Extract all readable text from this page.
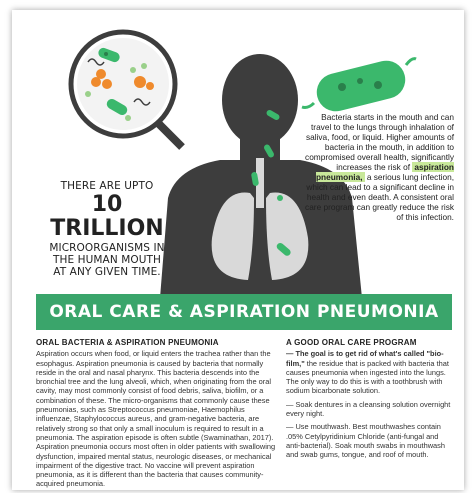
THERE ARE UPTO
10 TRILLION
MICROORGANISMS IN THE HUMAN MOUTH AT ANY GIVEN TIME.
Bacteria starts in the mouth and can travel to the lungs through inhalation of saliva, food, or liquid. Higher amounts of bacteria in the mouth, in addition to compromised overall health, significantly increases the risk of aspiration pneumonia, a serious lung infection, which can lead to a significant decline in health and even death. A consistent oral care program can greatly reduce the risk of this infection.
ORAL CARE & ASPIRATION PNEUMONIA
ORAL BACTERIA & ASPIRATION PNEUMONIA

Aspiration occurs when food, or liquid enters the trachea rather than the esophagus. Aspiration pneumonia is caused by bacteria that normally reside in the oral and nasal pharynx. This bacteria descends into the bronchial tree and the lung alveoli, which, when originating from the oral cavity, may most commonly consist of food debris, saliva, biofilm, or a combination of these. The micro-organisms that commonly cause these pneumonias, such as Streptococcus pneumoniae, Haemophilus influenzae, Staphylococcus aureus, and gram-negative bacteria, are relatively strong so that only a small inoculum is required to result in a pneumonia. The aspiration episode is often subtle (Swaminathan, 2017). Aspiration pneumonia occurs most often in older patients with swallowing dysfunction, impaired mental status, neurologic diseases, or mechanical impairment of the digestive tract. No vaccine will prevent aspiration pneumonia, as it is different than the bacteria that causes community-acquired pneumonia.

A GOOD ORAL CARE PROGRAM

— The goal is to get rid of what's called "bio-film," the residue that is packed with bacteria that causes pneumonia when ingested into the lungs. The only way to do this is with a toothbrush with sodium bicarbonate solution.

— Soak dentures in a cleansing solution overnight every night.

— Use mouthwash. Best mouthwashes contain .05% Cetylpyridinium Chloride (anti-fungal and anti-bacterial). Soak mouth swabs in mouthwash and swab gums, tongue, and roof of mouth.
